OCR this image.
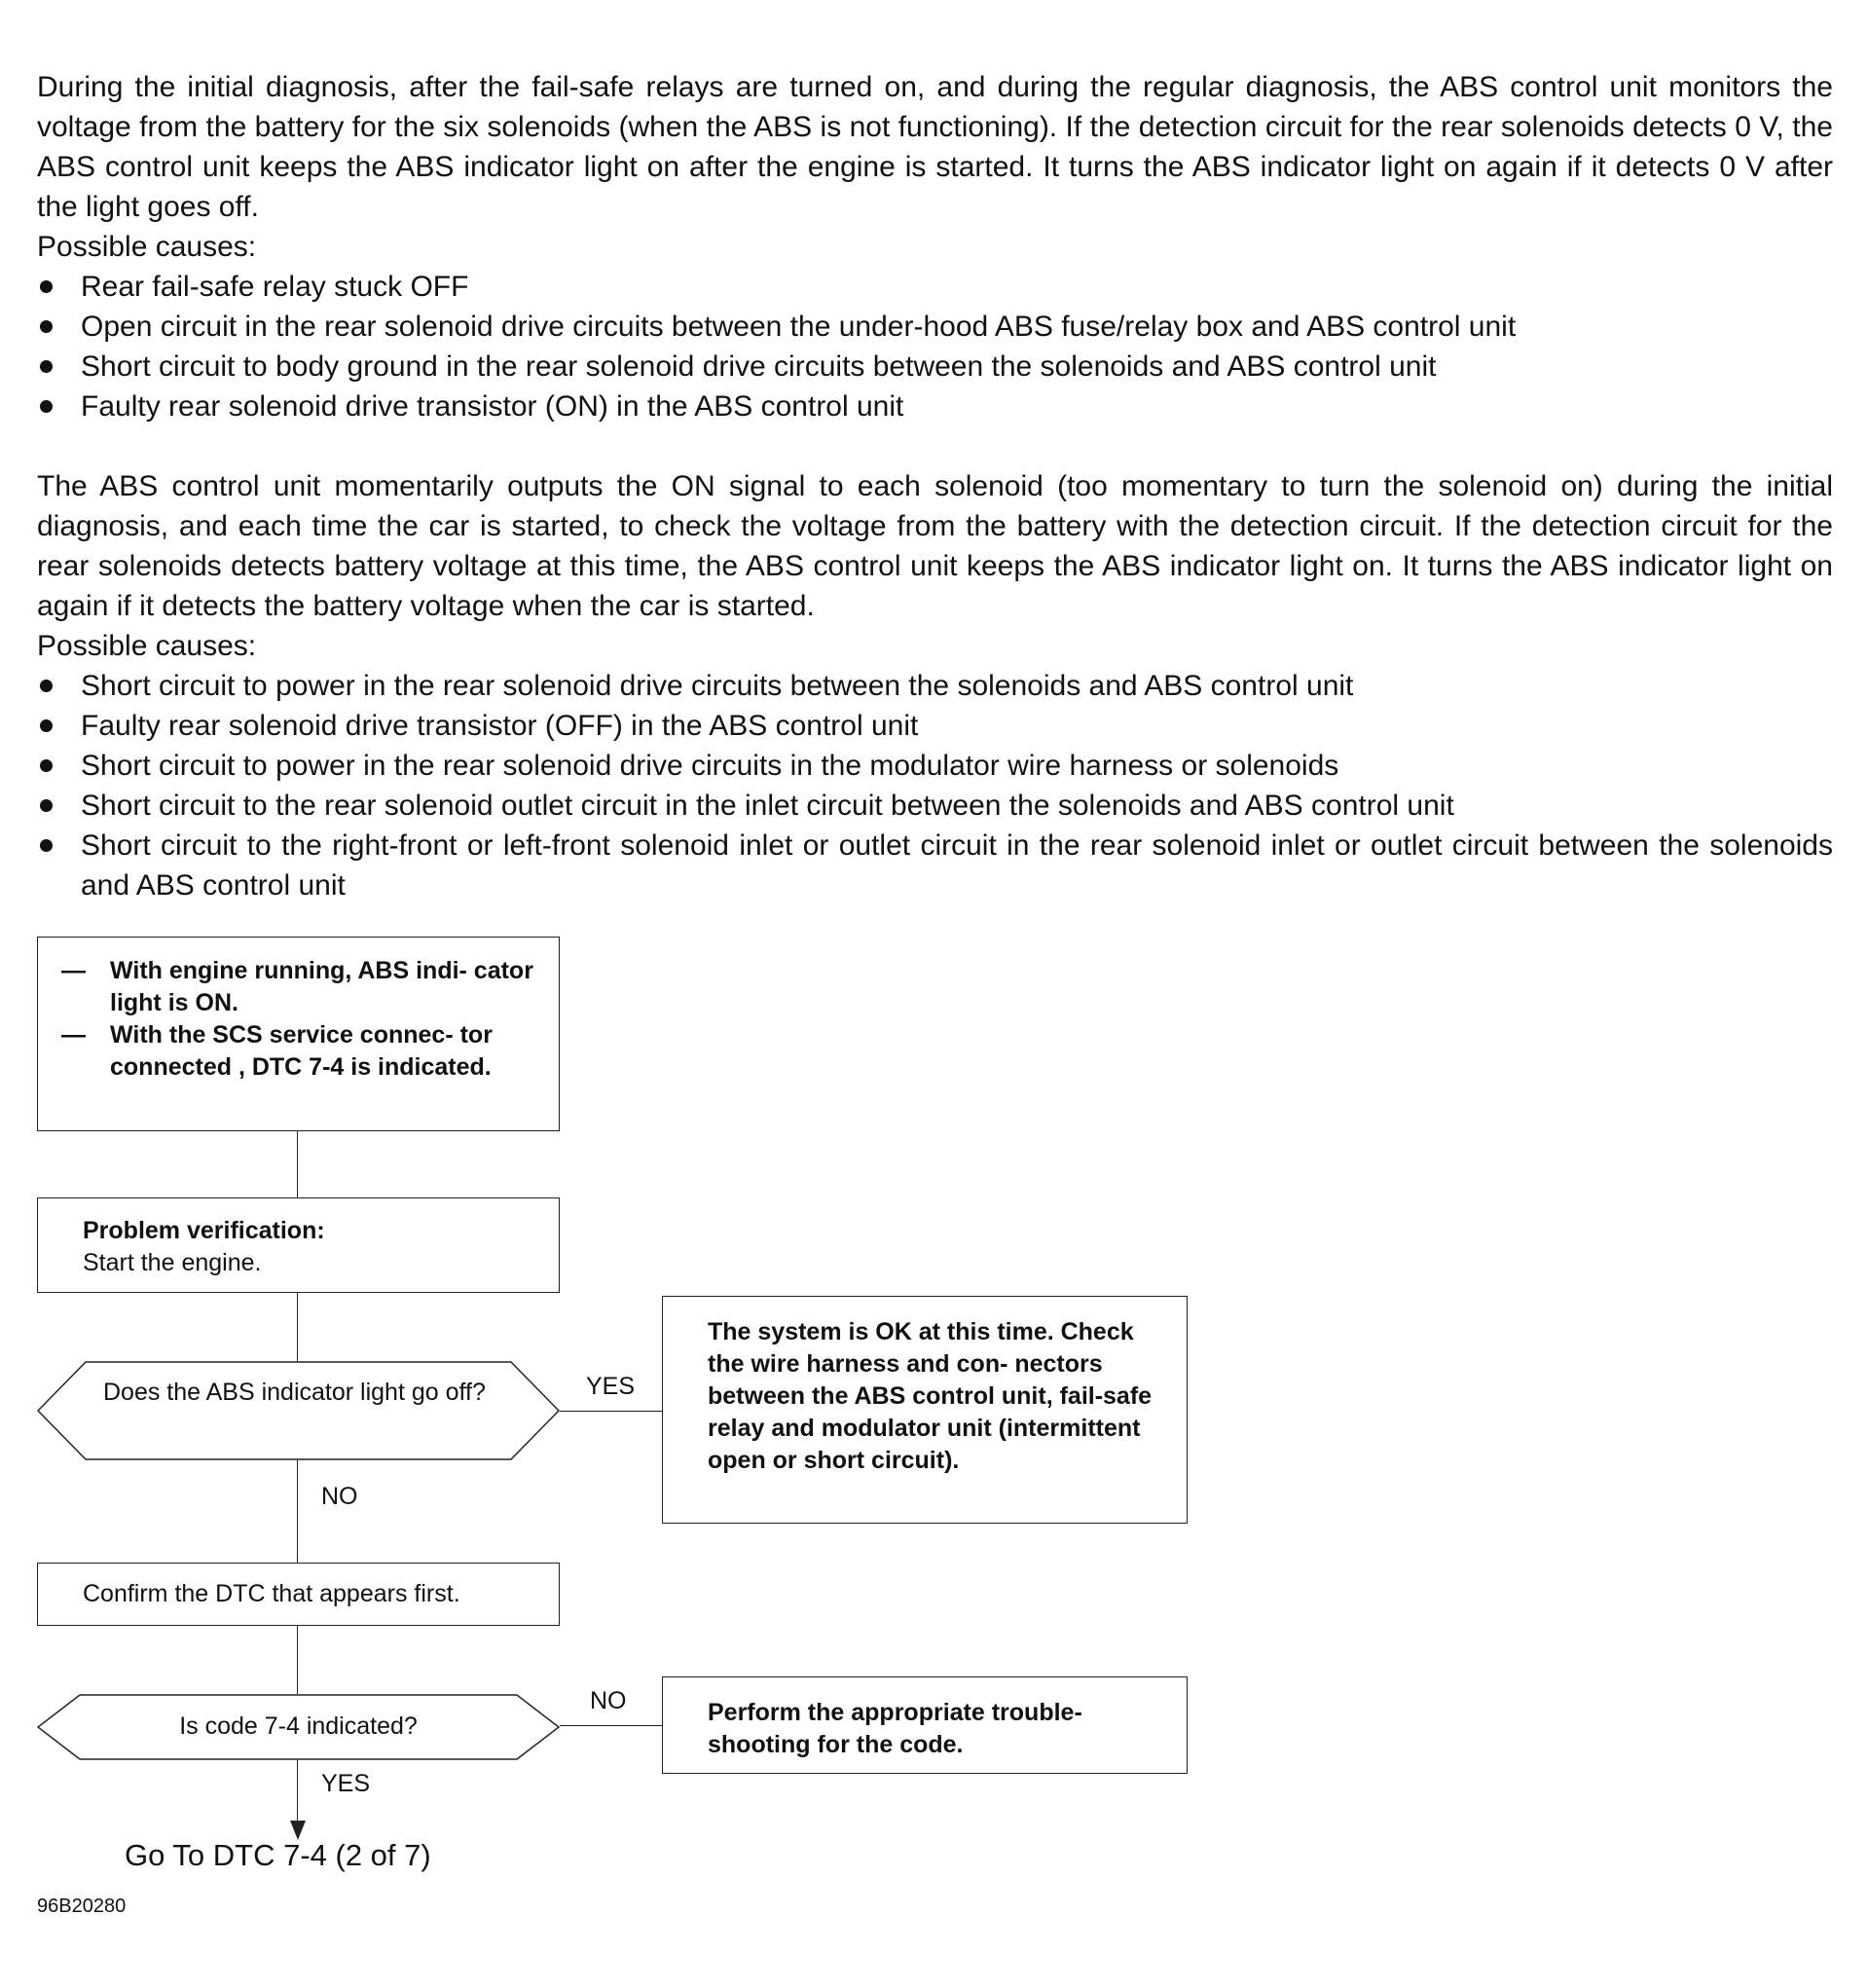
During the initial diagnosis, after the fail-safe relays are turned on, and during the regular diagnosis, the ABS control unit monitors the voltage from the battery for the six solenoids (when the ABS is not functioning). If the detection circuit for the rear solenoids detects 0 V, the ABS control unit keeps the ABS indicator light on after the engine is started. It turns the ABS indicator light on again if it detects 0 V after the light goes off.

Possible causes:
Rear fail-safe relay stuck OFF
Open circuit in the rear solenoid drive circuits between the under-hood ABS fuse/relay box and ABS control unit
Short circuit to body ground in the rear solenoid drive circuits between the solenoids and ABS control unit
Faulty rear solenoid drive transistor (ON) in the ABS control unit

The ABS control unit momentarily outputs the ON signal to each solenoid (too momentary to turn the solenoid on) during the initial diagnosis, and each time the car is started, to check the voltage from the battery with the detection circuit. If the detection circuit for the rear solenoids detects battery voltage at this time, the ABS control unit keeps the ABS indicator light on. It turns the ABS indicator light on again if it detects the battery voltage when the car is started.

Possible causes:
Short circuit to power in the rear solenoid drive circuits between the solenoids and ABS control unit
Faulty rear solenoid drive transistor (OFF) in the ABS control unit
Short circuit to power in the rear solenoid drive circuits in the modulator wire harness or solenoids
Short circuit to the rear solenoid outlet circuit in the inlet circuit between the solenoids and ABS control unit
Short circuit to the right-front or left-front solenoid inlet or outlet circuit in the rear solenoid inlet or outlet circuit between the solenoids and ABS control unit
— With engine running, ABS indi- cator light is ON.
— With the SCS service connec- tor connected , DTC 7-4 is indicated.
Problem verification:
Start the engine.
Does the ABS indicator light go off?	YES
The system is OK at this time. Check the wire harness and con- nectors between the ABS control unit, fail-safe relay and modulator unit (intermittent open or short circuit).
NO
Confirm the DTC that appears first.
Is code 7-4 indicated?
NO	Perform the appropriate trouble- shooting for the code.
YES
Go To DTC 7-4 (2 of 7)
96B20280
